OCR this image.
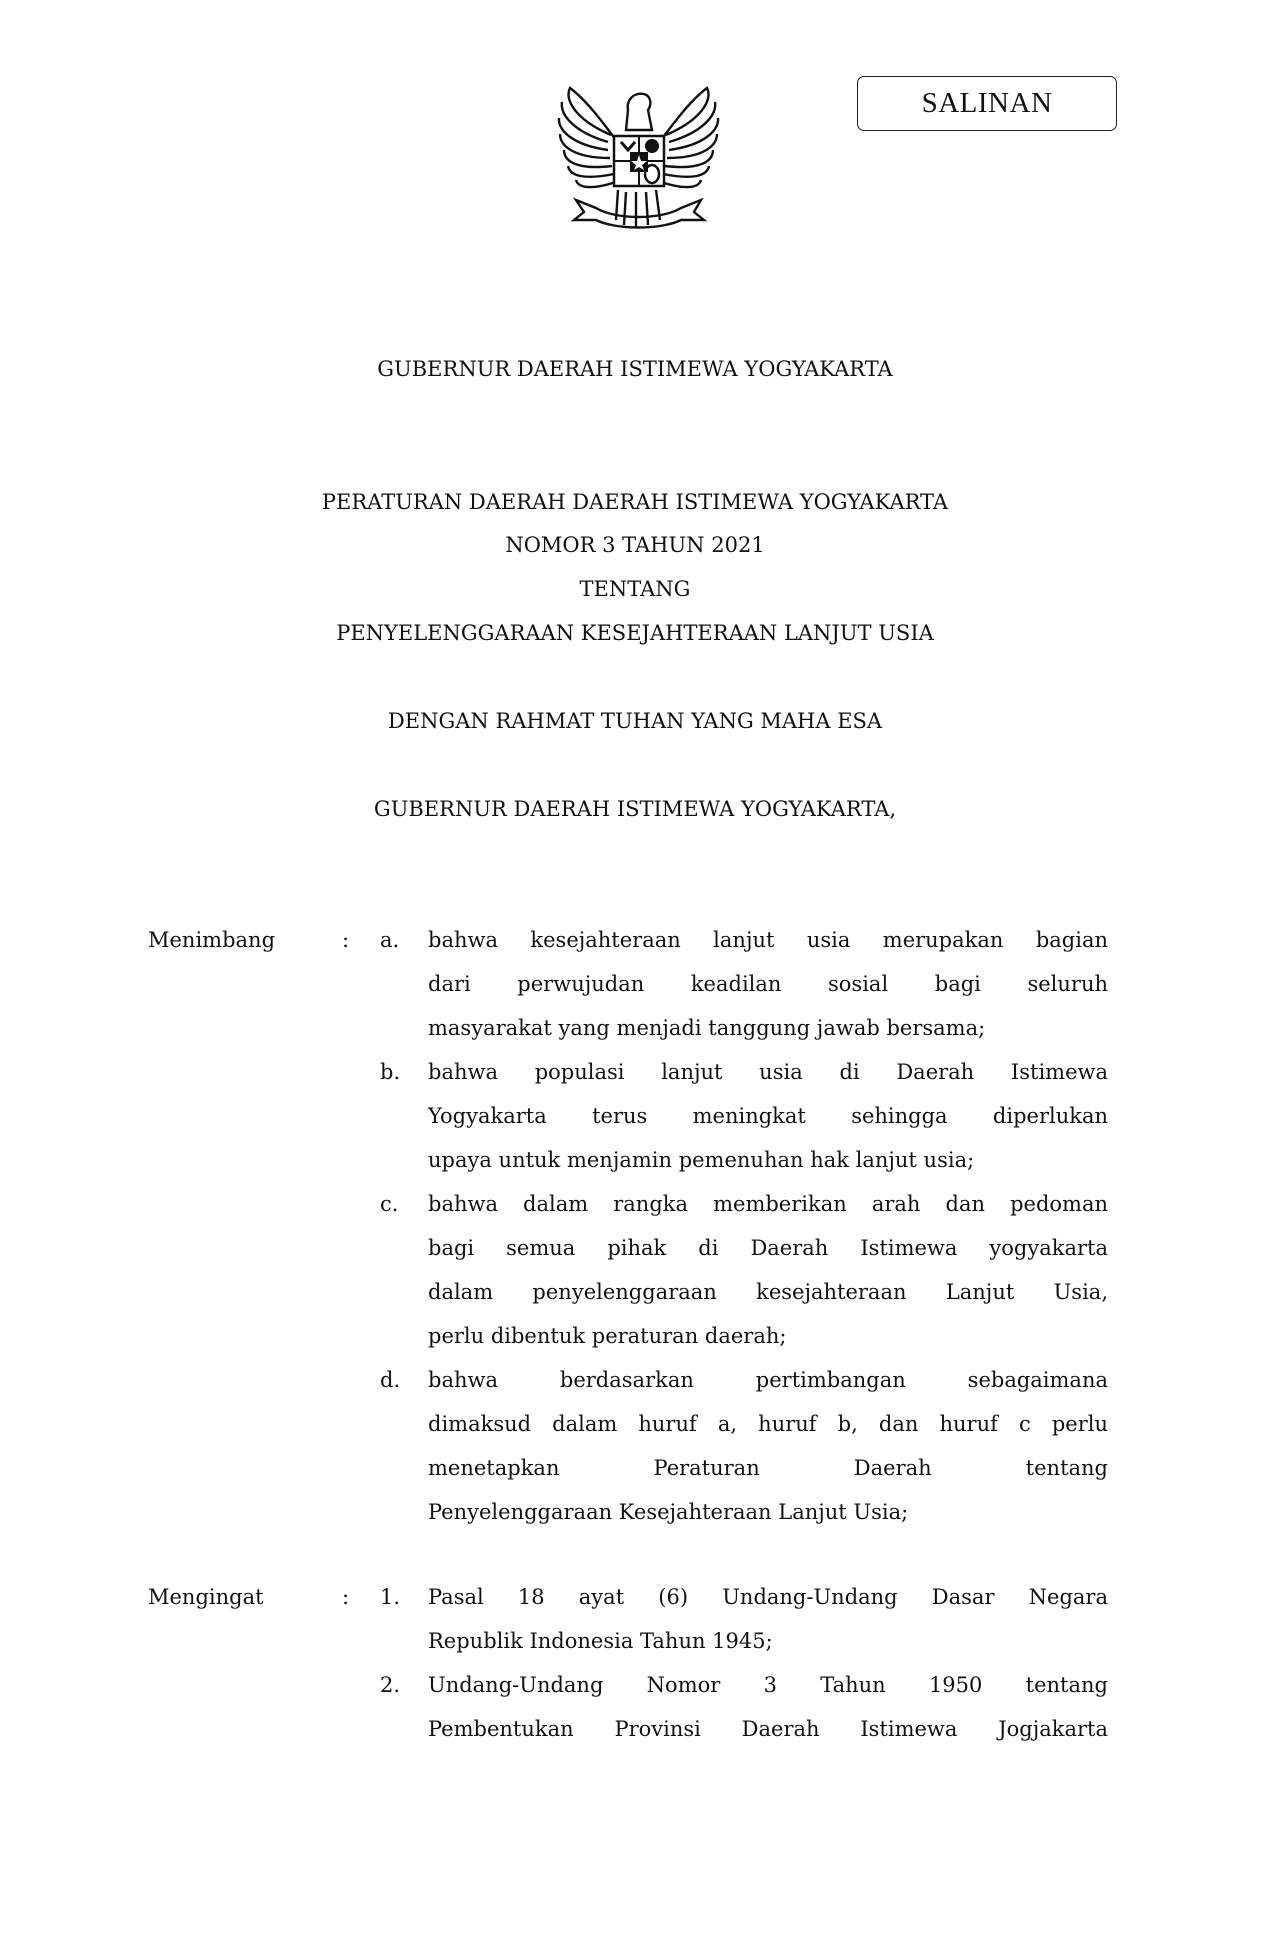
SALINAN
GUBERNUR DAERAH ISTIMEWA YOGYAKARTA
PERATURAN DAERAH DAERAH ISTIMEWA YOGYAKARTA
NOMOR 3 TAHUN 2021
TENTANG
PENYELENGGARAAN KESEJAHTERAAN LANJUT USIA
DENGAN RAHMAT TUHAN YANG MAHA ESA
GUBERNUR DAERAH ISTIMEWA YOGYAKARTA,
Menimbang	: a. bahwa kesejahteraan lanjut usia merupakan bagian
dari perwujudan keadilan sosial bagi seluruh
masyarakat yang menjadi tanggung jawab bersama;
b. bahwa populasi lanjut usia di Daerah Istimewa
Yogyakarta terus meningkat sehingga diperlukan
upaya untuk menjamin pemenuhan hak lanjut usia;
c. bahwa dalam rangka memberikan arah dan pedoman
bagi semua pihak di Daerah Istimewa yogyakarta
dalam penyelenggaraan kesejahteraan Lanjut Usia,
perlu dibentuk peraturan daerah;
d. bahwa berdasarkan pertimbangan sebagaimana
dimaksud dalam huruf a, huruf b, dan huruf c perlu
menetapkan Peraturan Daerah tentang
Penyelenggaraan Kesejahteraan Lanjut Usia;
Mengingat	: 1. Pasal 18 ayat (6) Undang-Undang Dasar Negara
Republik Indonesia Tahun 1945;
2. Undang-Undang Nomor 3 Tahun 1950 tentang
Pembentukan Provinsi Daerah Istimewa Jogjakarta
